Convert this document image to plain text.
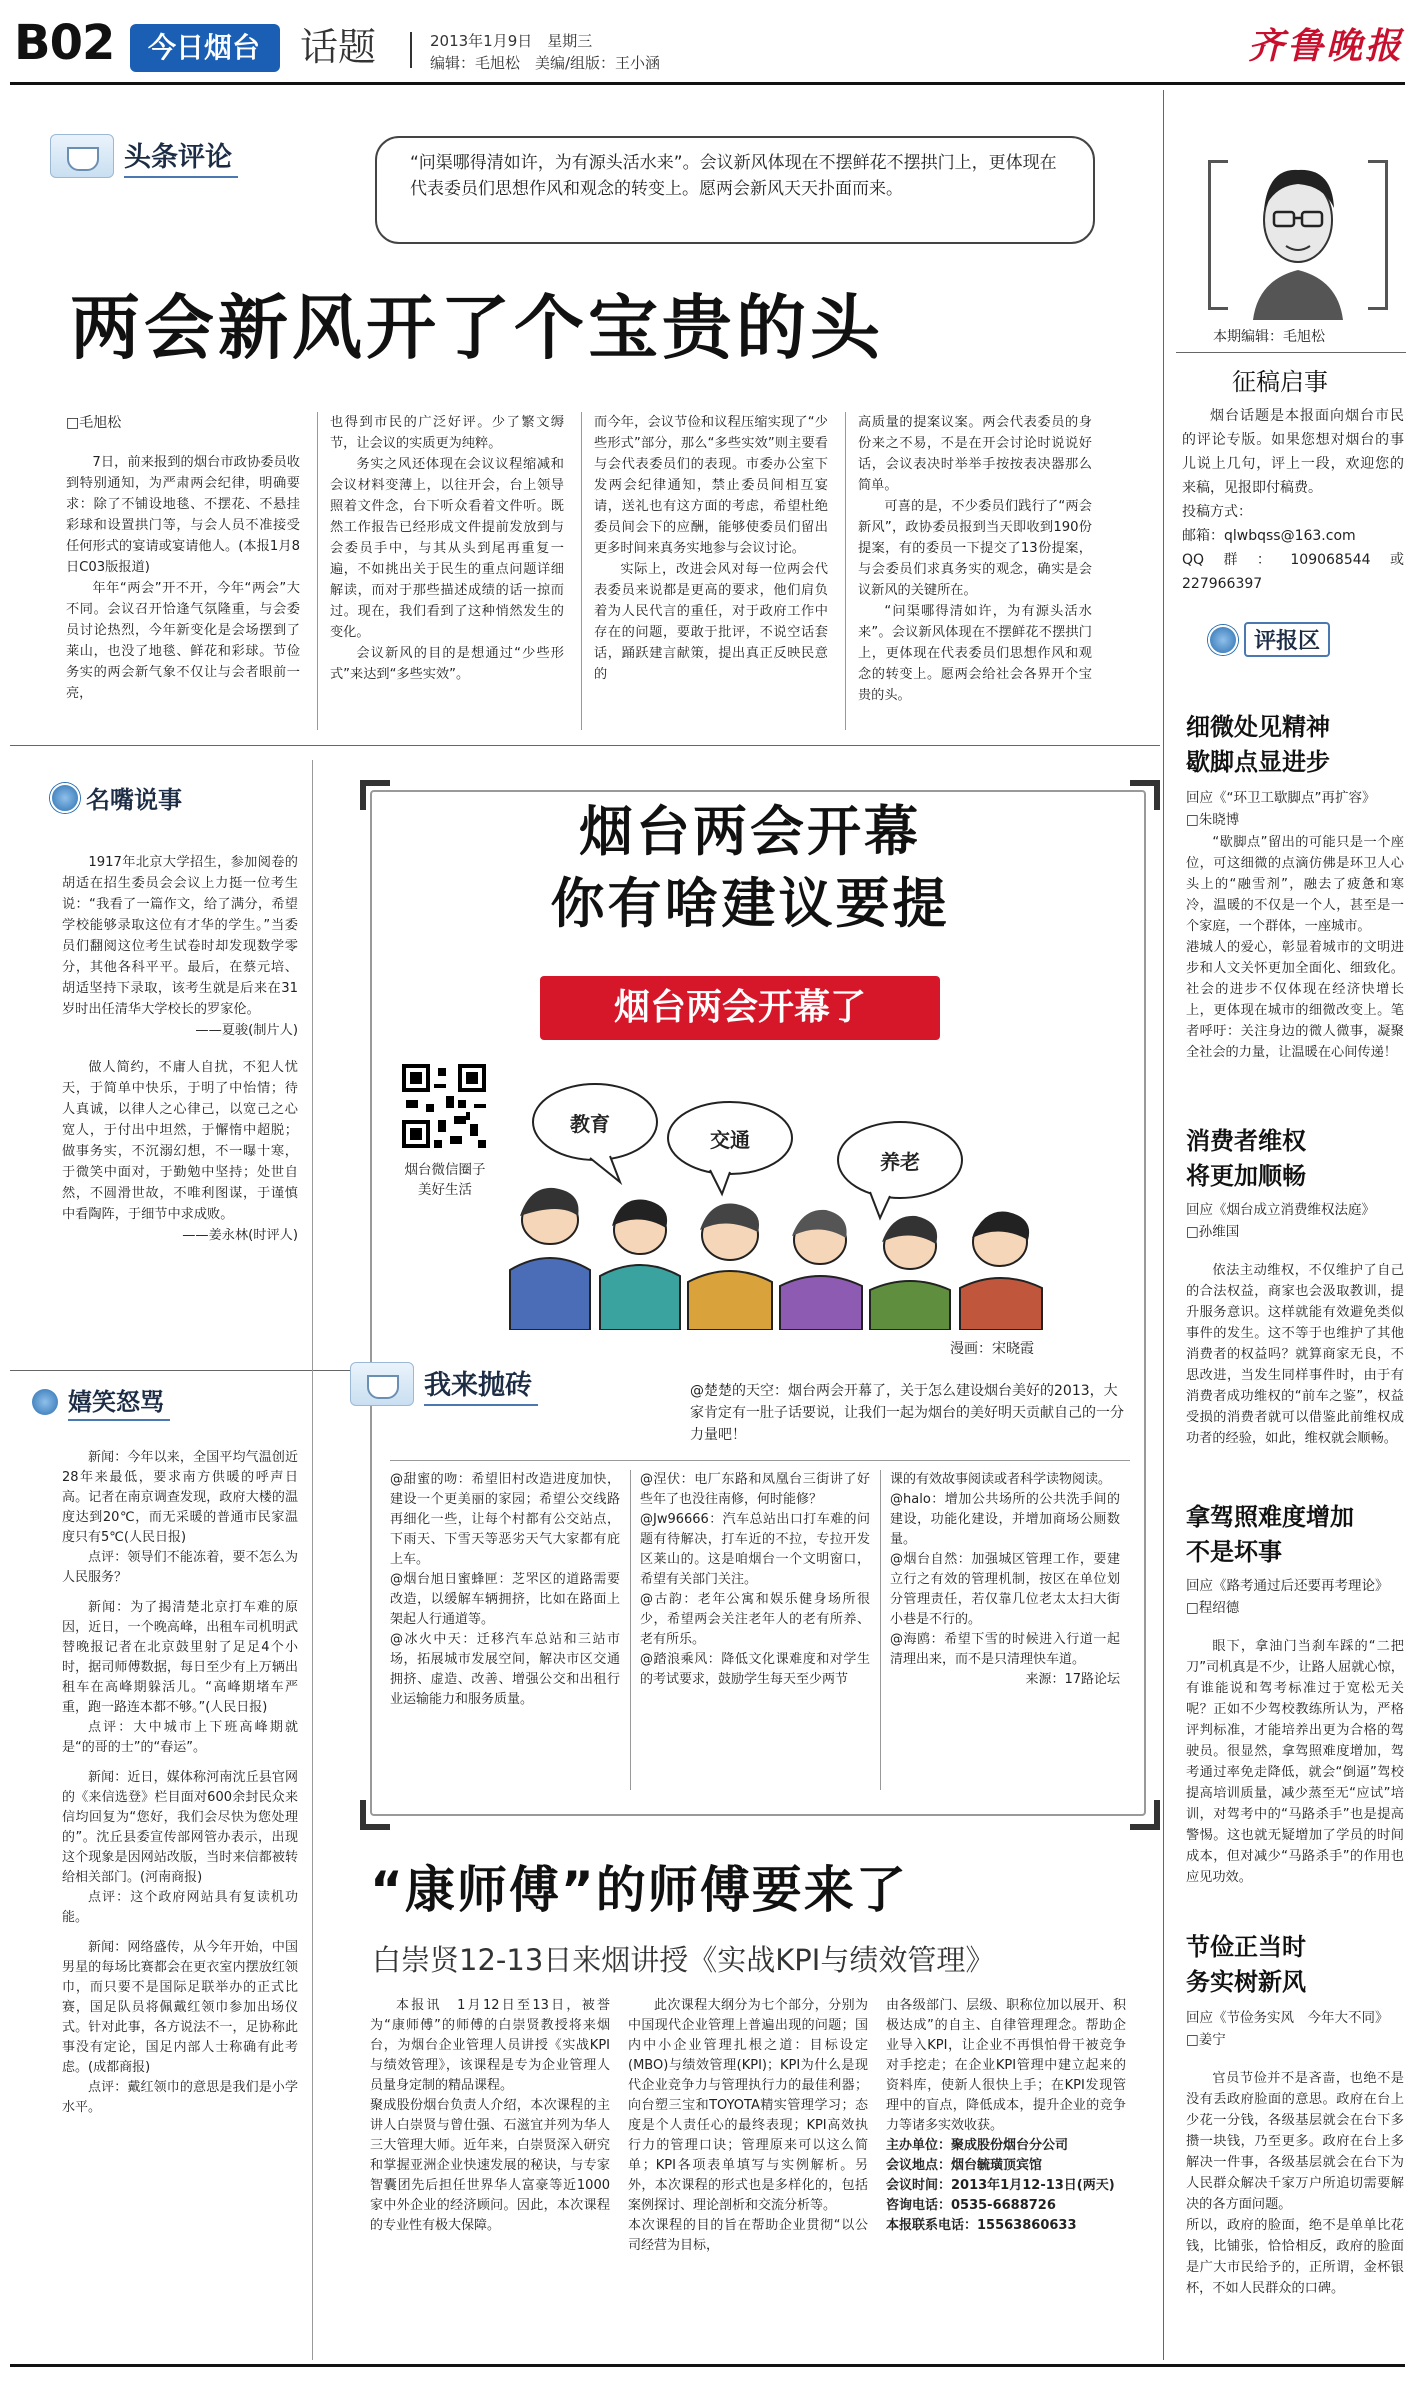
B02 今日烟台 话题	2013年1月9日　星期三
编辑：毛旭松　美编/组版：王小涵	齐鲁晚报
头条评论	“问渠哪得清如许，为有源头活水来”。会议新风体现在不摆鲜花不摆拱门上，更体现在代表委员们思想作风和观念的转变上。愿两会新风天天扑面而来。
两会新风开了个宝贵的头
□毛旭松

7日，前来报到的烟台市政协委员收到特别通知，为严肃两会纪律，明确要求：除了不铺设地毯、不摆花、不悬挂彩球和设置拱门等，与会人员不准接受任何形式的宴请或宴请他人。(本报1月8日C03版报道)

年年“两会”开不开，今年“两会”大不同。会议召开恰逢气氛隆重，与会委员讨论热烈，今年新变化是会场摆到了莱山，也没了地毯、鲜花和彩球。节俭务实的两会新气象不仅让与会者眼前一亮，

也得到市民的广泛好评。少了繁文缛节，让会议的实质更为纯粹。

务实之风还体现在会议议程缩减和会议材料变薄上，以往开会，台上领导照着文件念，台下听众看着文件听。既然工作报告已经形成文件提前发放到与会委员手中，与其从头到尾再重复一遍，不如挑出关于民生的重点问题详细解读，而对于那些描述成绩的话一掠而过。现在，我们看到了这种悄然发生的变化。

会议新风的目的是想通过“少些形式”来达到“多些实效”。

而今年，会议节俭和议程压缩实现了“少些形式”部分，那么“多些实效”则主要看与会代表委员们的表现。市委办公室下发两会纪律通知，禁止委员间相互宴请，送礼也有这方面的考虑，希望杜绝委员间会下的应酬，能够使委员们留出更多时间来真务实地参与会议讨论。

实际上，改进会风对每一位两会代表委员来说都是更高的要求，他们肩负着为人民代言的重任，对于政府工作中存在的问题，要敢于批评，不说空话套话，踊跃建言献策，提出真正反映民意的

高质量的提案议案。两会代表委员的身份来之不易，不是在开会讨论时说说好话，会议表决时举举手按按表决器那么简单。

可喜的是，不少委员们践行了“两会新风”，政协委员报到当天即收到190份提案，有的委员一下提交了13份提案，与会委员们求真务实的观念，确实是会议新风的关键所在。

“问渠哪得清如许，为有源头活水来”。会议新风体现在不摆鲜花不摆拱门上，更体现在代表委员们思想作风和观念的转变上。愿两会给社会各界开个宝贵的头。

本期编辑：毛旭松
征稿启事

烟台话题是本报面向烟台市民的评论专版。如果您想对烟台的事儿说上几句，评上一段，欢迎您的来稿，见报即付稿费。

投稿方式：
邮箱：qlwbqss@163.com
QQ群：109068544或227966397
评报区
细微处见精神
歇脚点显进步
回应《“环卫工歇脚点”再扩容》
□朱晓博
“歇脚点”留出的可能只是一个座位，可这细微的点滴仿佛是环卫人心头上的“融雪剂”，融去了疲惫和寒冷，温暖的不仅是一个人，甚至是一个家庭，一个群体，一座城市。
港城人的爱心，彰显着城市的文明进步和人文关怀更加全面化、细致化。社会的进步不仅体现在经济快增长上，更体现在城市的细微改变上。笔者呼吁：关注身边的微人微事，凝聚全社会的力量，让温暖在心间传递！
消费者维权
将更加顺畅
回应《烟台成立消费维权法庭》
□孙维国
依法主动维权，不仅维护了自己的合法权益，商家也会汲取教训，提升服务意识。这样就能有效避免类似事件的发生。这不等于也维护了其他消费者的权益吗？就算商家无良，不思改进，当发生同样事件时，由于有消费者成功维权的“前车之鉴”，权益受损的消费者就可以借鉴此前维权成功者的经验，如此，维权就会顺畅。
拿驾照难度增加
不是坏事
回应《路考通过后还要再考理论》
□程绍德
眼下，拿油门当刹车踩的“二把刀”司机真是不少，让路人屈就心惊，有谁能说和驾考标准过于宽松无关呢？正如不少驾校教练所认为，严格评判标准，才能培养出更为合格的驾驶员。很显然，拿驾照难度增加，驾考通过率免走降低，就会“倒逼”驾校提高培训质量，减少蒸至无“应试”培训，对驾考中的“马路杀手”也是提高警惕。这也就无疑增加了学员的时间成本，但对减少“马路杀手”的作用也应见功效。
节俭正当时
务实树新风
回应《节俭务实风　今年大不同》
□姜宁
官员节俭并不是吝啬，也绝不是没有丢政府脸面的意思。政府在台上少花一分钱，各级基层就会在台下多攒一块钱，乃至更多。政府在台上多解决一件事，各级基层就会在台下为人民群众解决千家万户所追切需要解决的各方面问题。
所以，政府的脸面，绝不是单单比花钱，比铺张，恰恰相反，政府的脸面是广大市民给予的，正所谓，金杯银杯，不如人民群众的口碑。
名嘴说事

1917年北京大学招生，参加阅卷的胡适在招生委员会会议上力挺一位考生说：“我看了一篇作文，给了满分，希望学校能够录取这位有才华的学生。”当委员们翻阅这位考生试卷时却发现数学零分，其他各科平平。最后，在蔡元培、胡适坚持下录取，该考生就是后来在31岁时出任清华大学校长的罗家伦。

——夏骏(制片人)

做人简约，不庸人自扰，不犯人忧天，于简单中快乐，于明了中怡情；待人真诚，以律人之心律己，以宽己之心宽人，于付出中坦然，于懈惰中超脱；做事务实，不沉溺幻想，不一曝十寒，于微笑中面对，于勤勉中坚持；处世自然，不圆滑世故，不唯利图谋，于谨慎中看陶阵，于细节中求成败。

——姜永林(时评人)
嬉笑怒骂

新闻：今年以来，全国平均气温创近28年来最低，要求南方供暖的呼声日高。记者在南京调查发现，政府大楼的温度达到20℃，而无采暖的普通市民家温度只有5℃(人民日报)

点评：领导们不能冻着，要不怎么为人民服务？

新闻：为了揭清楚北京打车难的原因，近日，一个晚高峰，出租车司机明武替晚报记者在北京鼓里射了足足4个小时，据司师傅数据，每日至少有上万辆出租车在高峰期躲活儿。“高峰期堵车严重，跑一路连本都不够。”(人民日报)

点评：大中城市上下班高峰期就是“的哥的士”的“春运”。

新闻：近日，媒体称河南沈丘县官网的《来信选登》栏目面对600余封民众来信均回复为“您好，我们会尽快为您处理的”。沈丘县委宣传部网管办表示，出现这个现象是因网站改版，当时来信都被转给相关部门。(河南商报)

点评：这个政府网站具有复读机功能。

新闻：网络盛传，从今年开始，中国男星的每场比赛都会在更衣室内摆放红领巾，而只要不是国际足联举办的正式比赛，国足队员将佩戴红领巾参加出场仪式。针对此事，各方说法不一，足协称此事没有定论，国足内部人士称确有此考虑。(成都商报)

点评：戴红领巾的意思是我们是小学水平。

烟台两会开幕
你有啥建议要提
烟台两会开幕了
烟台微信圈子
美好生活
教育
交通
养老
漫画：宋晓霞
我来抛砖	@楚楚的天空：烟台两会开幕了，关于怎么建设烟台美好的2013，大家肯定有一肚子话要说，让我们一起为烟台的美好明天贡献自己的一分力量吧！
@甜蜜的吻：希望旧村改造进度加快，建设一个更美丽的家园；希望公交线路再细化一些，让每个村都有公交站点，下雨天、下雪天等恶劣天气大家都有庇上车。
@烟台旭日蜜蜂匣：芝罘区的道路需要改造，以缓解车辆拥挤，比如在路面上架起人行通道等。
@冰火中天：迁移汽车总站和三站市场，拓展城市发展空间，解决市区交通拥挤、虚造、改善、增强公交和出租行业运输能力和服务质量。
@涅伏：电厂东路和凤凰台三街讲了好些年了也没往南修，何时能修？
@Jw96666：汽车总站出口打车难的问题有待解决，打车近的不拉，专拉开发区莱山的。这是咱烟台一个文明窗口，希望有关部门关注。
@古韵：老年公寓和娱乐健身场所很少，希望两会关注老年人的老有所养、老有所乐。
@踏浪乘风：降低文化课难度和对学生的考试要求，鼓励学生每天至少两节
课的有效故事阅读或者科学读物阅读。
@halo：增加公共场所的公共洗手间的建设，功能化建设，并增加商场公厕数量。
@烟台自然：加强城区管理工作，要建立行之有效的管理机制，按区在单位划分管理责任，若仅靠几位老太太扫大街小巷是不行的。
@海鸥：希望下雪的时候进入行道一起清理出来，而不是只清理快车道。
来源：17路论坛
“康师傅”的师傅要来了
白崇贤12-13日来烟讲授《实战KPI与绩效管理》
本报讯　1月12日至13日，被誉为“康师傅”的师傅的白崇贤教授将来烟台，为烟台企业管理人员讲授《实战KPI与绩效管理》，该课程是专为企业管理人员量身定制的精品课程。
聚成股份烟台负责人介绍，本次课程的主讲人白崇贤与曾仕强、石滋宜并列为华人三大管理大师。近年来，白崇贤深入研究和掌握亚洲企业快速发展的秘诀，与专家智囊团先后担任世界华人富豪等近1000家中外企业的经济顾问。因此，本次课程的专业性有极大保障。
此次课程大纲分为七个部分，分别为中国现代企业管理上普遍出现的问题；国内中小企业管理扎根之道：目标设定(MBO)与绩效管理(KPI)；KPI为什么是现代企业竞争力与管理执行力的最佳利器；向台塑三宝和TOYOTA精实管理学习；态度是个人责任心的最终表现；KPI高效执行力的管理口诀；管理原来可以这么简单；KPI各项表单填写与实例解析。另外，本次课程的形式也是多样化的，包括案例探讨、理论剖析和交流分析等。
本次课程的目的旨在帮助企业贯彻“以公司经营为目标，
由各级部门、层级、职称位加以展开、积极达成”的自主、自律管理理念。帮助企业导入KPI，让企业不再惧怕骨干被竞争对手挖走；在企业KPI管理中建立起来的资料库，使新人很快上手；在KPI发现管理中的盲点，降低成本，提升企业的竞争力等诸多实效收获。
主办单位：聚成股份烟台分公司
会议地点：烟台毓璜顶宾馆
会议时间：2013年1月12-13日(两天)
咨询电话：0535-6688726
本报联系电话：15563860633
